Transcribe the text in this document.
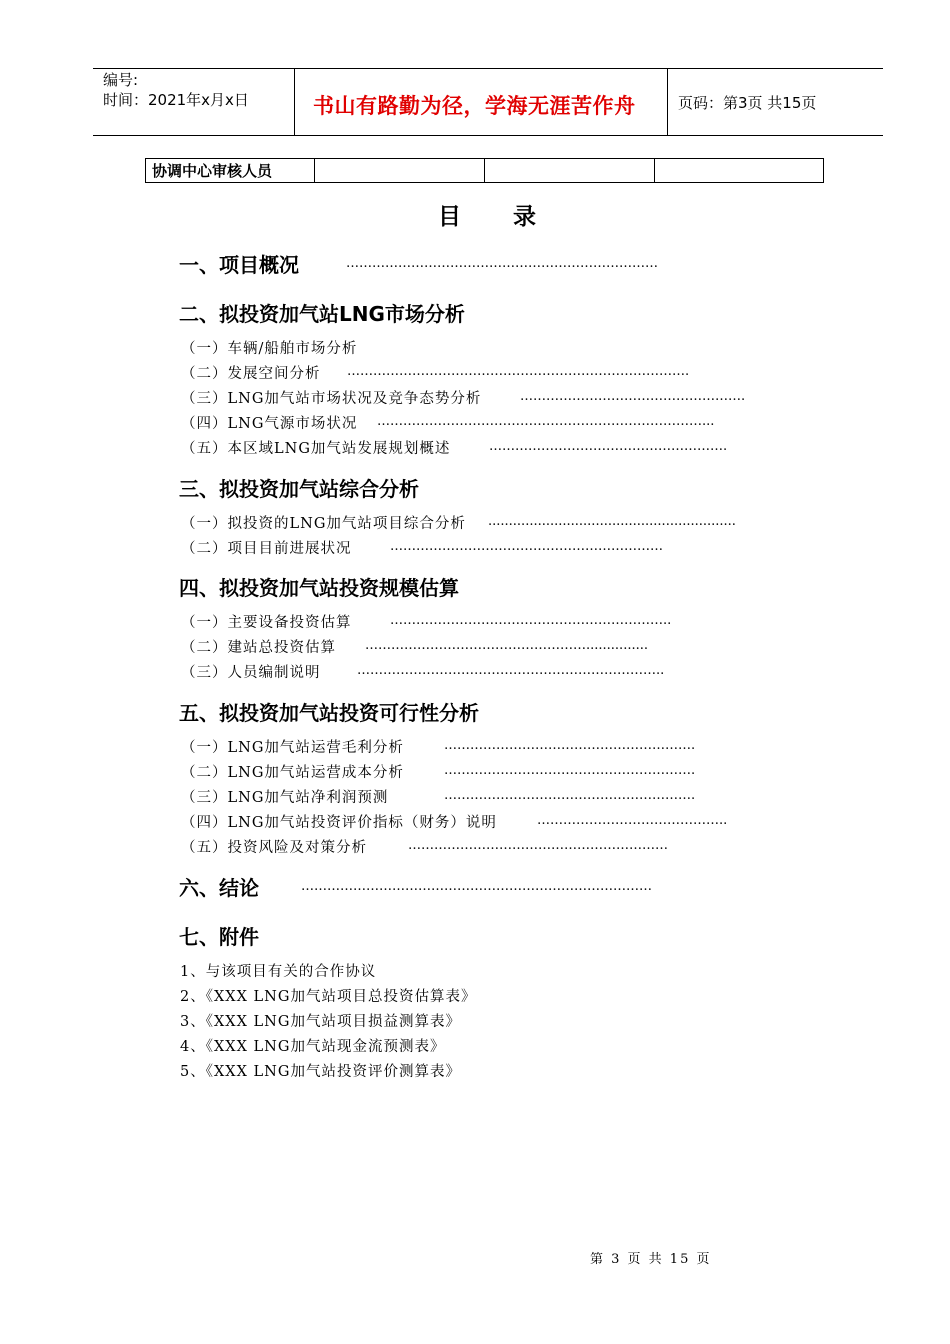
编号:
时间：2021年x月x日	书山有路勤为径，学海无涯苦作舟	页码：第3页 共15页
协调中心审核人员
目录
一、项目概况	………………………………………………………………
二、拟投资加气站LNG市场分析
（一）车辆/船舶市场分析
（二）发展空间分析 …………………………………………………………………….
（三）LNG加气站市场状况及竞争态势分析	…………………………………………….
（四）LNG气源市场状况 …………………………………………………………………...
（五）本区域LNG加气站发展规划概述	……………………………………………….
三、拟投资加气站综合分析
（一）拟投资的LNG加气站项目综合分析 ............................................................
（二）项目目前进展状况	………………………………………………………
四、拟投资加气站投资规模估算
（一）主要设备投资估算	………………………………………………………..
（二）建站总投资估算 ……………………………………………...............
（三）人员编制说明	……………………………………………………………..
五、拟投资加气站投资可行性分析
（一）LNG加气站运营毛利分析	………………………………………………….
（二）LNG加气站运营成本分析	………………………………………………….
（三）LNG加气站净利润预测	………………………………………………….
（四）LNG加气站投资评价指标（财务）说明	……………………………………..
（五）投资风险及对策分析	……………………………………………………
六、结论	………………………………………………………………………
七、附件
1、与该项目有关的合作协议
2、《XXX LNG加气站项目总投资估算表》
3、《XXX LNG加气站项目损益测算表》
4、《XXX LNG加气站现金流预测表》
5、《XXX LNG加气站投资评价测算表》
第 3 页 共 15 页
